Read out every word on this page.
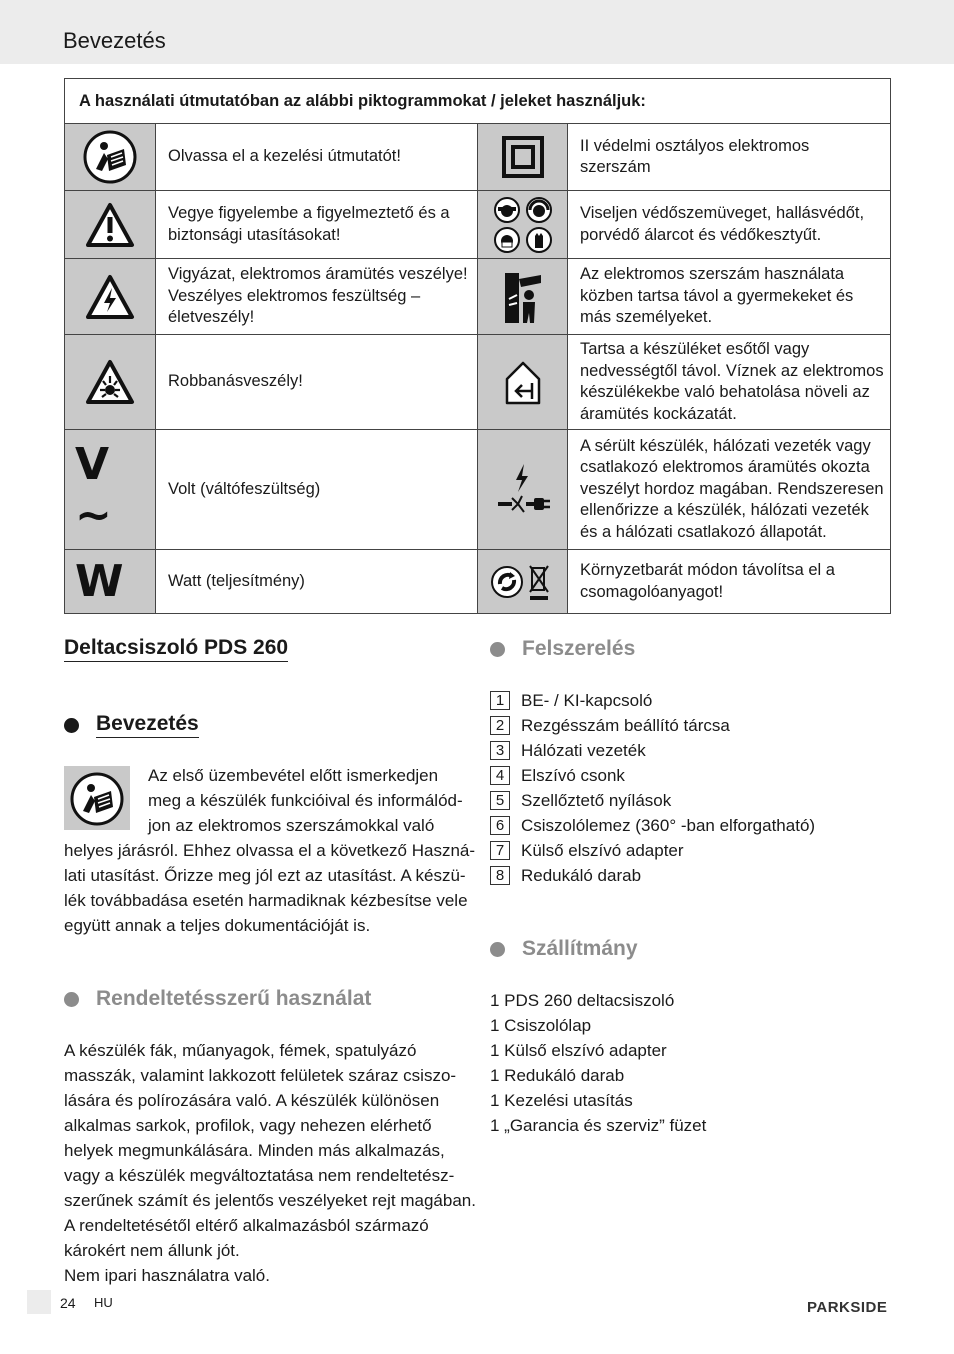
Bevezetés
A használati útmutatóban az alábbi piktogrammokat / jeleket használjuk:			

	Olvassa el a kezelési útmutatót!		II védelmi osztályos elektromos szerszám

	Vegye figyelembe a figyelmeztető és a biztonsági utasításokat!		Viseljen védőszemüveget, hallásvédőt, porvédő álarcot és védőkesztyűt.

	Vigyázat, elektromos áramütés veszélye! Veszélyes elektromos feszültség – életveszély!		Az elektromos szerszám használata közben tartsa távol a gyermekeket és más személyeket.

	Robbanásveszély!		Tartsa a készüléket esőtől vagy nedvességtől távol. Víznek az elektromos készülékekbe való behatolása növeli az áramütés kockázatát.

V ~	Volt (váltófeszültség)		A sérült készülék, hálózati vezeték vagy csatlakozó elektromos áramütés okozta veszélyt hordoz magában. Rendszeresen ellenőrizze a készülék, hálózati vezeték és a hálózati csatlakozó állapotát.

W	Watt (teljesítmény)		Környzetbarát módon távolítsa el a csomagolóanyagot!
Deltacsiszoló PDS 260
Bevezetés

Az első üzembevétel előtt ismerkedjen
meg a készülék funkcióival és informálód-
jon az elektromos szerszámokkal való
helyes járásról. Ehhez olvassa el a következő Haszná-
lati utasítást. Őrizze meg jól ezt az utasítást. A készü-
lék továbbadása esetén harmadiknak kézbesítse vele
együtt annak a teljes dokumentációját is.

Rendeltetésszerű használat

A készülék fák, műanyagok, fémek, spatulyázó
masszák, valamint lakkozott felületek száraz csiszo-
lására és polírozására való. A készülék különösen
alkalmas sarkok, profilok, vagy nehezen elérhető
helyek megmunkálására. Minden más alkalmazás,
vagy a készülék megváltoztatása nem rendeltetész-
szerűnek számít és jelentős veszélyeket rejt magában.
A rendeltetésétől eltérő alkalmazásból származó
károkért nem állunk jót.
Nem ipari használatra való.

Felszerelés
1 BE- / KI-kapcsoló
2 Rezgésszám beállító tárcsa
3 Hálózati vezeték
4 Elszívó csonk
5 Szellőztető nyílások
6 Csiszolólemez (360° -ban elforgatható)
7 Külső elszívó adapter
8 Redukáló darab
Szállítmány
1 PDS 260 deltacsiszoló
1 Csiszolólap
1 Külső elszívó adapter
1 Redukáló darab
1 Kezelési utasítás
1 „Garancia és szerviz” füzet
24 HU	PARKSIDE
